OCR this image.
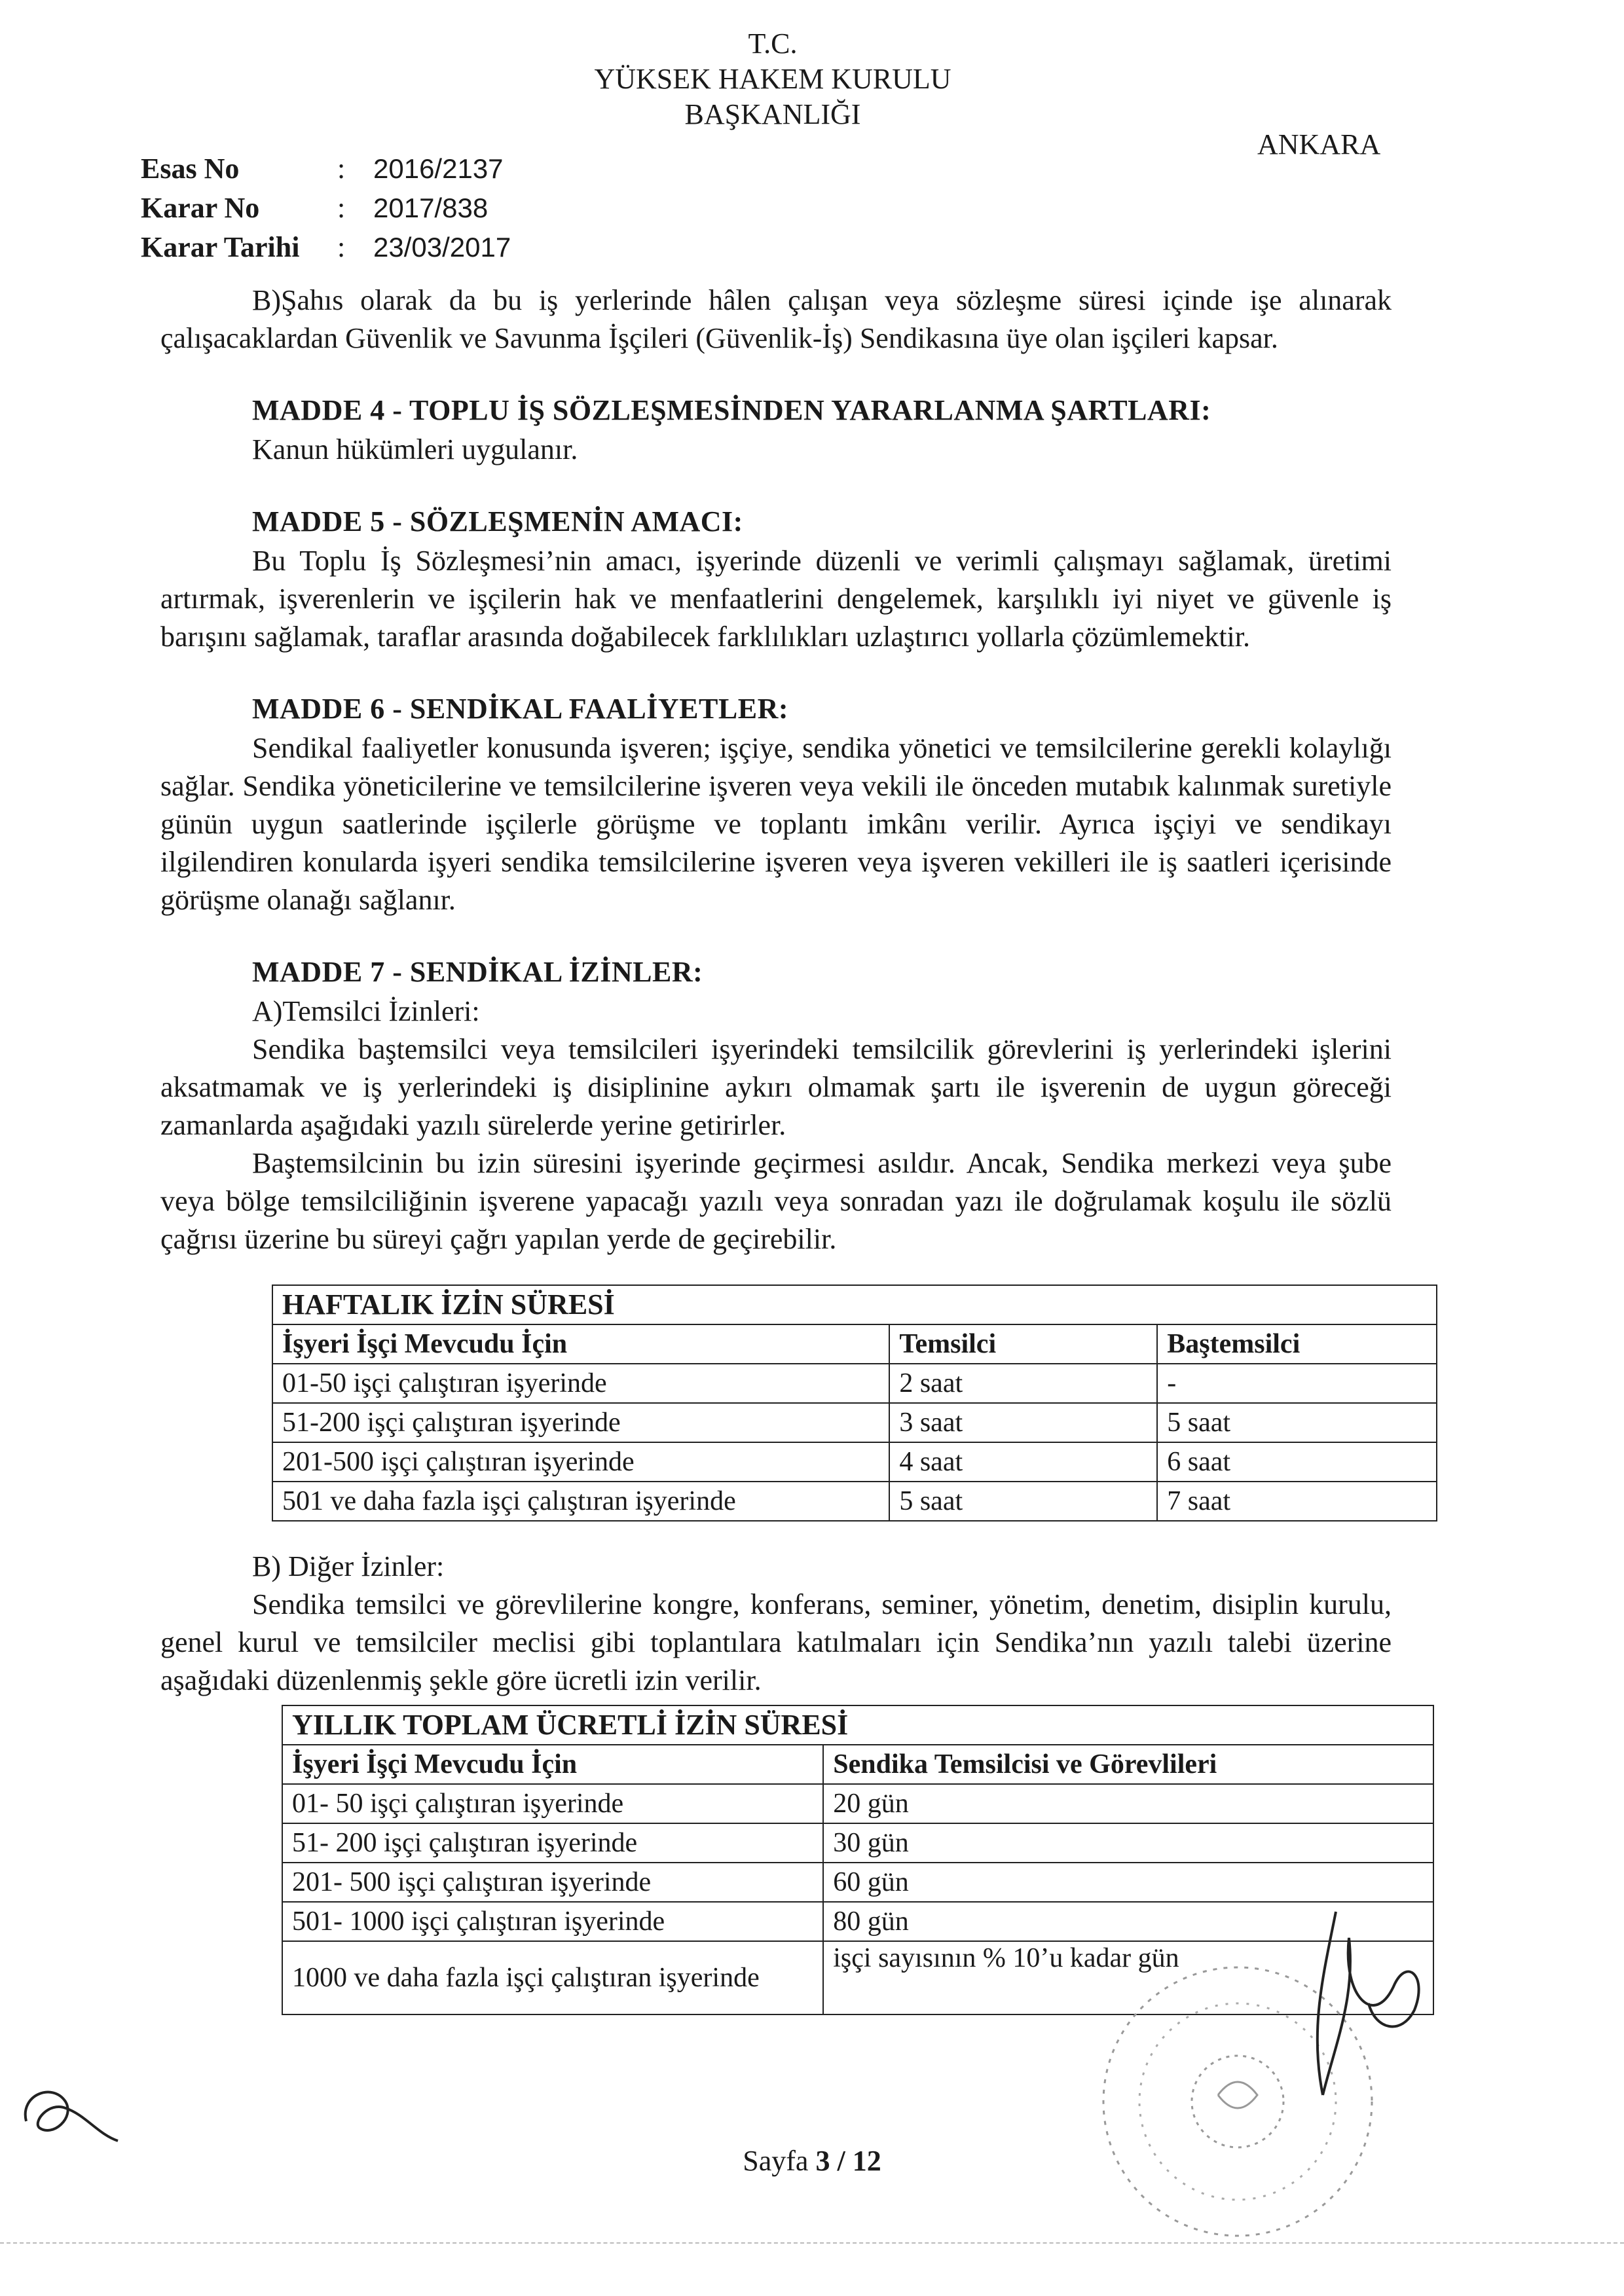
T.C.
YÜKSEK HAKEM KURULU
BAŞKANLIĞI
ANKARA
Esas No	:	2016/2137
Karar No	:	2017/838
Karar Tarihi	:	23/03/2017

B)Şahıs olarak da bu iş yerlerinde hâlen çalışan veya sözleşme süresi içinde işe alınarak çalışacaklardan Güvenlik ve Savunma İşçileri (Güvenlik-İş) Sendikasına üye olan işçileri kapsar.

MADDE 4 - TOPLU İŞ SÖZLEŞMESİNDEN YARARLANMA ŞARTLARI:

Kanun hükümleri uygulanır.

MADDE 5 - SÖZLEŞMENİN AMACI:

Bu Toplu İş Sözleşmesi’nin amacı, işyerinde düzenli ve verimli çalışmayı sağlamak, üretimi artırmak, işverenlerin ve işçilerin hak ve menfaatlerini dengelemek, karşılıklı iyi niyet ve güvenle iş barışını sağlamak, taraflar arasında doğabilecek farklılıkları uzlaştırıcı yollarla çözümlemektir.

MADDE 6 - SENDİKAL FAALİYETLER:

Sendikal faaliyetler konusunda işveren; işçiye, sendika yönetici ve temsilcilerine gerekli kolaylığı sağlar. Sendika yöneticilerine ve temsilcilerine işveren veya vekili ile önceden mutabık kalınmak suretiyle günün uygun saatlerinde işçilerle görüşme ve toplantı imkânı verilir. Ayrıca işçiyi ve sendikayı ilgilendiren konularda işyeri sendika temsilcilerine işveren veya işveren vekilleri ile iş saatleri içerisinde görüşme olanağı sağlanır.

MADDE 7 - SENDİKAL İZİNLER:

A)Temsilci İzinleri:

Sendika baştemsilci veya temsilcileri işyerindeki temsilcilik görevlerini iş yerlerindeki işlerini aksatmamak ve iş yerlerindeki iş disiplinine aykırı olmamak şartı ile işverenin de uygun göreceği zamanlarda aşağıdaki yazılı sürelerde yerine getirirler.

Baştemsilcinin bu izin süresini işyerinde geçirmesi asıldır. Ancak, Sendika merkezi veya şube veya bölge temsilciliğinin işverene yapacağı yazılı veya sonradan yazı ile doğrulamak koşulu ile sözlü çağrısı üzerine bu süreyi çağrı yapılan yerde de geçirebilir.

HAFTALIK İZİN SÜRESİ		
İşyeri İşçi Mevcudu İçin	Temsilci	Baştemsilci
01-50 işçi çalıştıran işyerinde	2 saat	-
51-200 işçi çalıştıran işyerinde	3 saat	5 saat
201-500 işçi çalıştıran işyerinde	4 saat	6 saat
501 ve daha fazla işçi çalıştıran işyerinde	5 saat	7 saat

B) Diğer İzinler:

Sendika temsilci ve görevlilerine kongre, konferans, seminer, yönetim, denetim, disiplin kurulu, genel kurul ve temsilciler meclisi gibi toplantılara katılmaları için Sendika’nın yazılı talebi üzerine aşağıdaki düzenlenmiş şekle göre ücretli izin verilir.

YILLIK TOPLAM ÜCRETLİ İZİN SÜRESİ	
İşyeri İşçi Mevcudu İçin	Sendika Temsilcisi ve Görevlileri
01- 50 işçi çalıştıran işyerinde	20 gün
51- 200 işçi çalıştıran işyerinde	30 gün
201- 500 işçi çalıştıran işyerinde	60 gün
501- 1000 işçi çalıştıran işyerinde	80 gün
1000 ve daha fazla işçi çalıştıran işyerinde	işçi sayısının % 10’u kadar gün
Sayfa 3 / 12
